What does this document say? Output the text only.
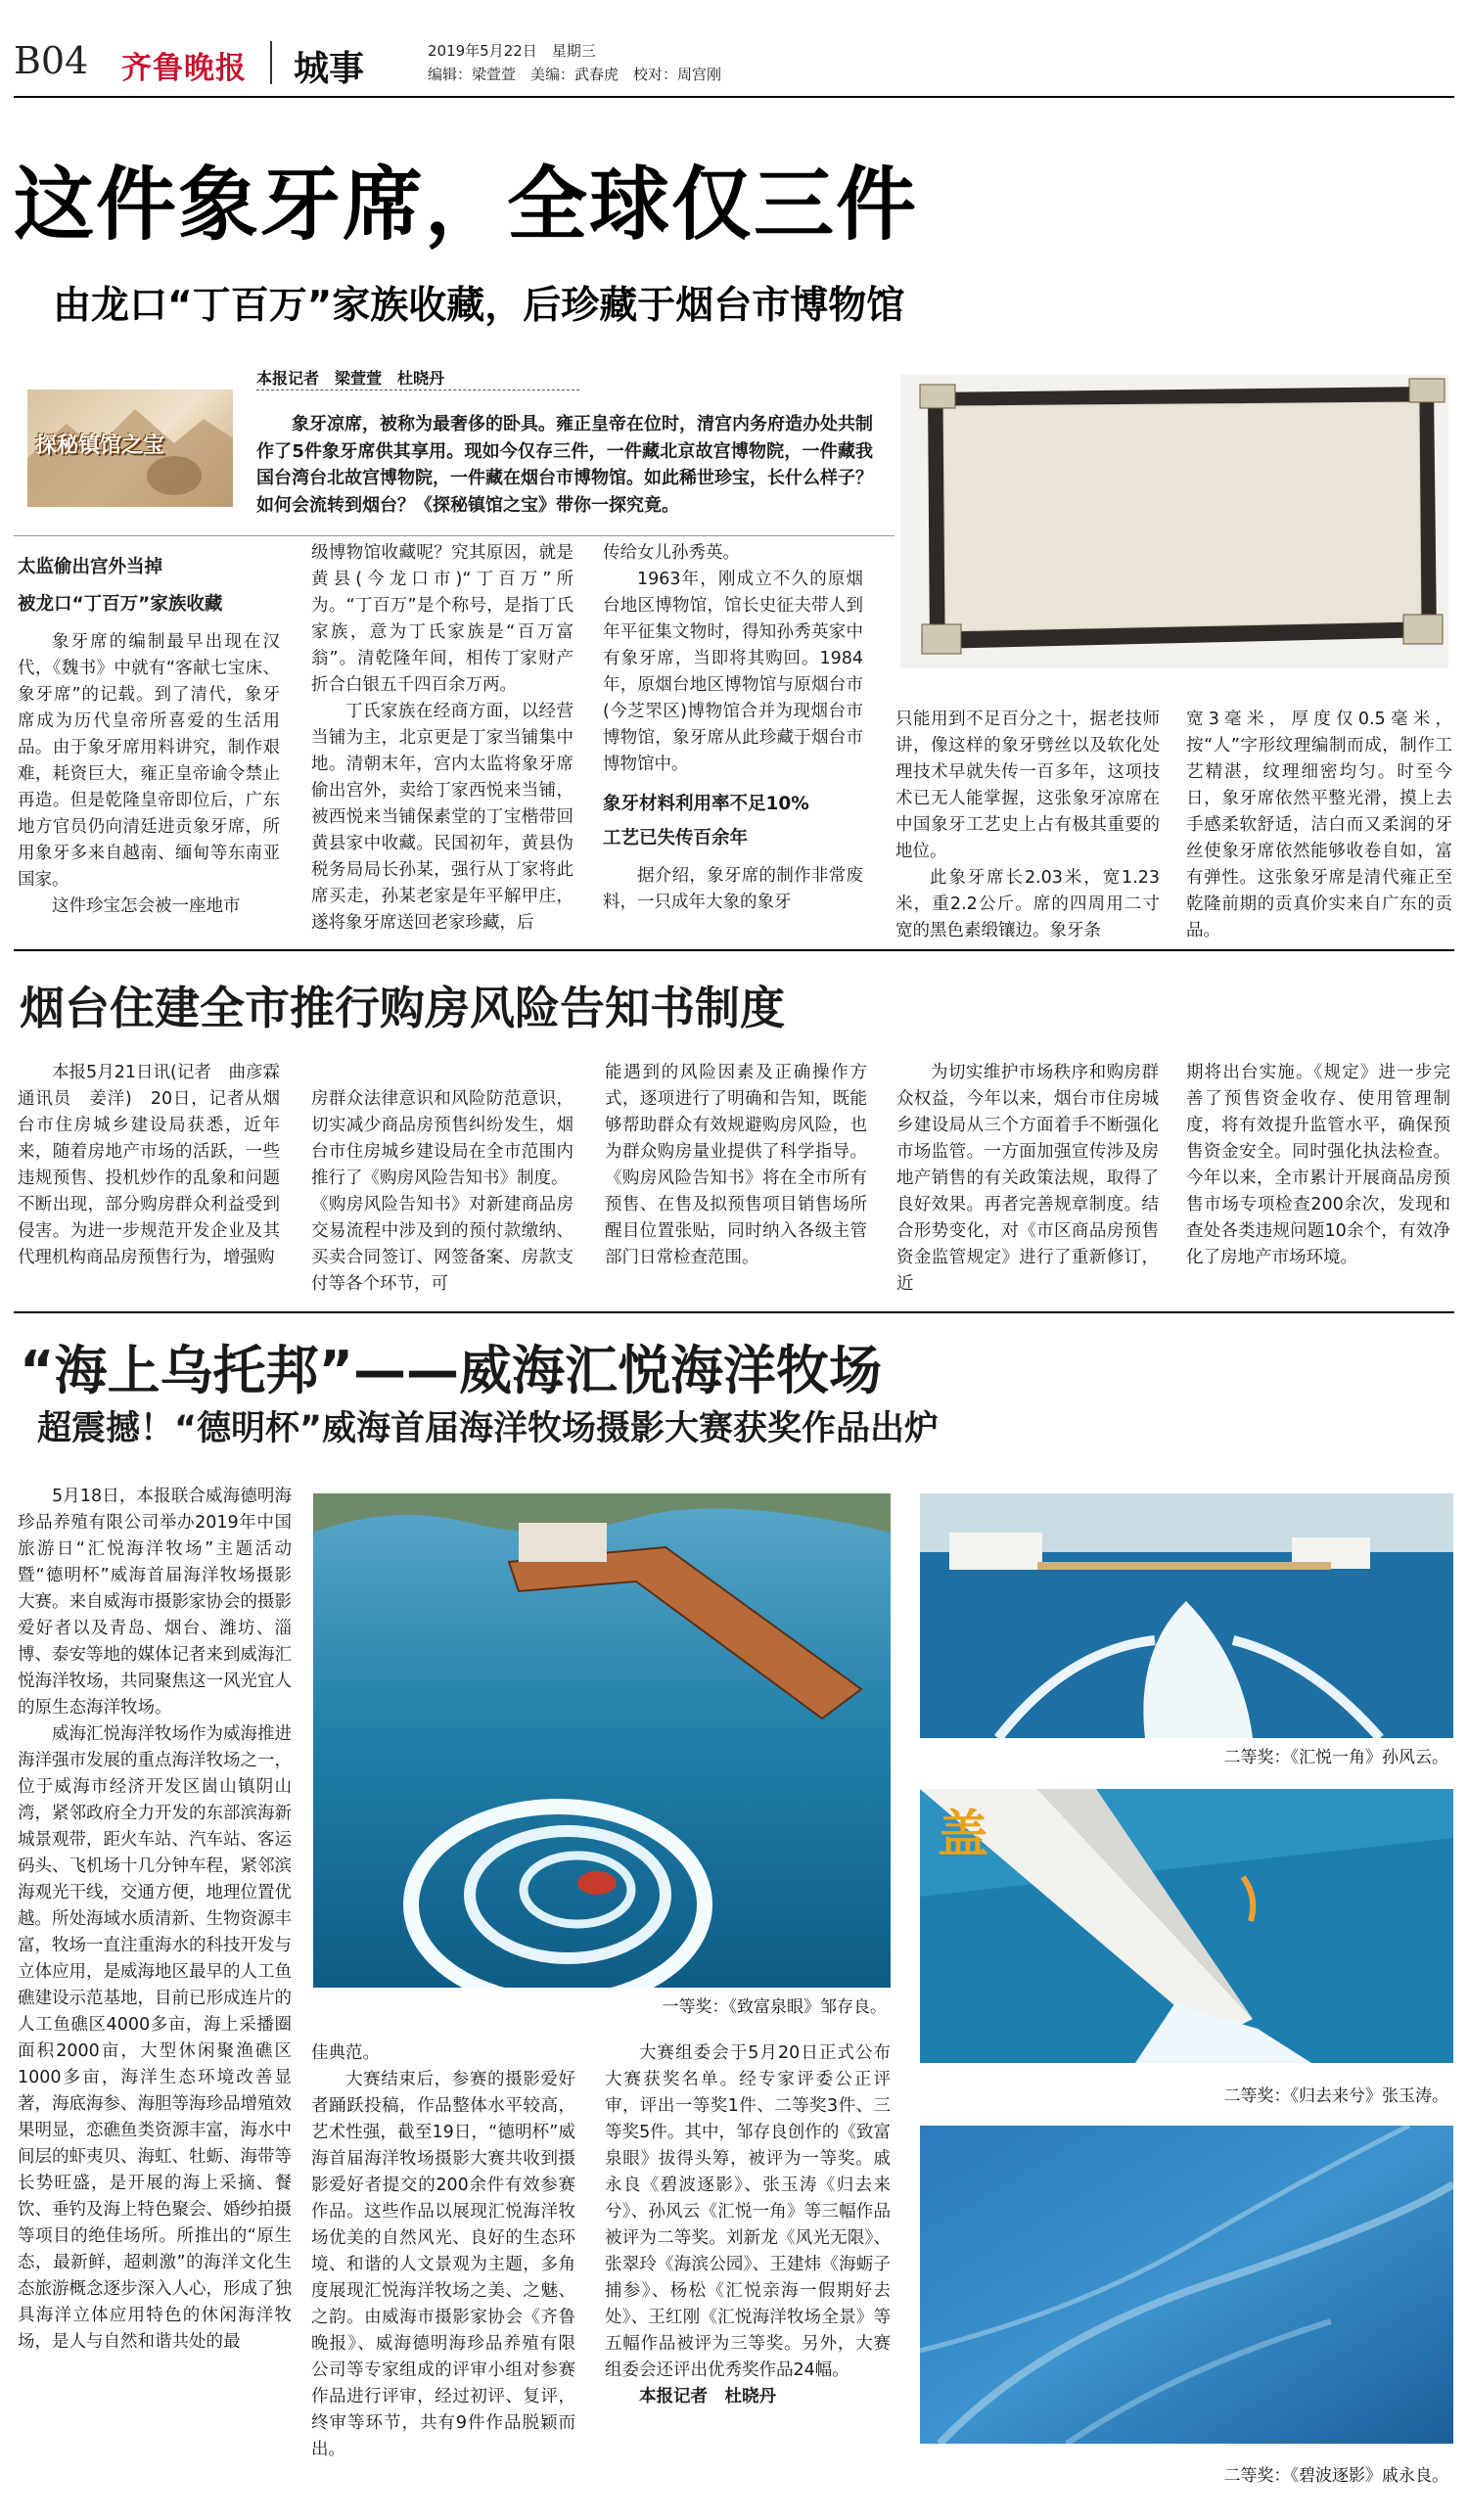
B04 齐鲁晚报 城事	2019年5月22日　星期三
编辑：梁萱萱　美编：武春虎　校对：周宫刚
这件象牙席，全球仅三件
由龙口“丁百万”家族收藏，后珍藏于烟台市博物馆
探秘镇馆之宝
本报记者　梁萱萱　杜晓丹

象牙凉席，被称为最奢侈的卧具。雍正皇帝在位时，清宫内务府造办处共制作了5件象牙席供其享用。现如今仅存三件，一件藏北京故宫博物院，一件藏我国台湾台北故宫博物院，一件藏在烟台市博物馆。如此稀世珍宝，长什么样子？如何会流转到烟台？《探秘镇馆之宝》带你一探究竟。

太监偷出宫外当掉
被龙口“丁百万”家族收藏

象牙席的编制最早出现在汉代，《魏书》中就有“客献七宝床、象牙席”的记载。到了清代，象牙席成为历代皇帝所喜爱的生活用品。由于象牙席用料讲究，制作艰难，耗资巨大，雍正皇帝谕令禁止再造。但是乾隆皇帝即位后，广东地方官员仍向清廷进贡象牙席，所用象牙多来自越南、缅甸等东南亚国家。

这件珍宝怎会被一座地市

级博物馆收藏呢？究其原因，就是黄县(今龙口市)“丁百万”所为。“丁百万”是个称号，是指丁氏家族，意为丁氏家族是“百万富翁”。清乾隆年间，相传丁家财产折合白银五千四百余万两。

丁氏家族在经商方面，以经营当铺为主，北京更是丁家当铺集中地。清朝末年，宫内太监将象牙席偷出宫外，卖给丁家西悦来当铺，被西悦来当铺保素堂的丁宝楷带回黄县家中收藏。民国初年，黄县伪税务局局长孙某，强行从丁家将此席买走，孙某老家是年平解甲庄，遂将象牙席送回老家珍藏，后

传给女儿孙秀英。

1963年，刚成立不久的原烟台地区博物馆，馆长史征夫带人到年平征集文物时，得知孙秀英家中有象牙席，当即将其购回。1984年，原烟台地区博物馆与原烟台市(今芝罘区)博物馆合并为现烟台市博物馆，象牙席从此珍藏于烟台市博物馆中。

象牙材料利用率不足10%
工艺已失传百余年

据介绍，象牙席的制作非常废料，一只成年大象的象牙

只能用到不足百分之十，据老技师讲，像这样的象牙劈丝以及软化处理技术早就失传一百多年，这项技术已无人能掌握，这张象牙凉席在中国象牙工艺史上占有极其重要的地位。

此象牙席长2.03米，宽1.23米，重2.2公斤。席的四周用二寸宽的黑色素缎镶边。象牙条

宽3毫米，厚度仅0.5毫米，按“人”字形纹理编制而成，制作工艺精湛，纹理细密均匀。时至今日，象牙席依然平整光滑，摸上去手感柔软舒适，洁白而又柔润的牙丝使象牙席依然能够收卷自如，富有弹性。这张象牙席是清代雍正至乾隆前期的贡真价实来自广东的贡品。

烟台住建全市推行购房风险告知书制度

本报5月21日讯(记者　曲彦霖　通讯员　姜洋)　20日，记者从烟台市住房城乡建设局获悉，近年来，随着房地产市场的活跃，一些违规预售、投机炒作的乱象和问题不断出现，部分购房群众利益受到侵害。为进一步规范开发企业及其代理机构商品房预售行为，增强购

房群众法律意识和风险防范意识，切实减少商品房预售纠纷发生，烟台市住房城乡建设局在全市范围内推行了《购房风险告知书》制度。
《购房风险告知书》对新建商品房交易流程中涉及到的预付款缴纳、买卖合同签订、网签备案、房款支付等各个环节，可

能遇到的风险因素及正确操作方式，逐项进行了明确和告知，既能够帮助群众有效规避购房风险，也为群众购房量业提供了科学指导。《购房风险告知书》将在全市所有预售、在售及拟预售项目销售场所醒目位置张贴，同时纳入各级主管部门日常检查范围。

为切实维护市场秩序和购房群众权益，今年以来，烟台市住房城乡建设局从三个方面着手不断强化市场监管。一方面加强宣传涉及房地产销售的有关政策法规，取得了良好效果。再者完善规章制度。结合形势变化，对《市区商品房预售资金监管规定》进行了重新修订，近

期将出台实施。《规定》进一步完善了预售资金收存、使用管理制度，将有效提升监管水平，确保预售资金安全。同时强化执法检查。今年以来，全市累计开展商品房预售市场专项检查200余次，发现和查处各类违规问题10余个，有效净化了房地产市场环境。

“海上乌托邦”——威海汇悦海洋牧场
超震撼！“德明杯”威海首届海洋牧场摄影大赛获奖作品出炉
一等奖：《致富泉眼》邹存良。
二等奖：《汇悦一角》孙风云。
盖
二等奖：《归去来兮》张玉涛。
二等奖：《碧波逐影》戚永良。

5月18日，本报联合威海德明海珍品养殖有限公司举办2019年中国旅游日“汇悦海洋牧场”主题活动暨“德明杯”威海首届海洋牧场摄影大赛。来自威海市摄影家协会的摄影爱好者以及青岛、烟台、潍坊、淄博、泰安等地的媒体记者来到威海汇悦海洋牧场，共同聚焦这一风光宜人的原生态海洋牧场。

威海汇悦海洋牧场作为威海推进海洋强市发展的重点海洋牧场之一，位于威海市经济开发区崮山镇阴山湾，紧邻政府全力开发的东部滨海新城景观带，距火车站、汽车站、客运码头、飞机场十几分钟车程，紧邻滨海观光干线，交通方便，地理位置优越。所处海域水质清新、生物资源丰富，牧场一直注重海水的科技开发与立体应用，是威海地区最早的人工鱼礁建设示范基地，目前已形成连片的人工鱼礁区4000多亩，海上采播圈面积2000亩，大型休闲聚渔礁区1000多亩，海洋生态环境改善显著，海底海参、海胆等海珍品增殖效果明显，恋礁鱼类资源丰富，海水中间层的虾夷贝、海虹、牡蛎、海带等长势旺盛，是开展的海上采摘、餐饮、垂钓及海上特色聚会、婚纱拍摄等项目的绝佳场所。所推出的“原生态，最新鲜，超刺激”的海洋文化生态旅游概念逐步深入人心，形成了独具海洋立体应用特色的休闲海洋牧场，是人与自然和谐共处的最

佳典范。

大赛结束后，参赛的摄影爱好者踊跃投稿，作品整体水平较高，艺术性强，截至19日，“德明杯”威海首届海洋牧场摄影大赛共收到摄影爱好者提交的200余件有效参赛作品。这些作品以展现汇悦海洋牧场优美的自然风光、良好的生态环境、和谐的人文景观为主题，多角度展现汇悦海洋牧场之美、之魅、之韵。由威海市摄影家协会《齐鲁晚报》、威海德明海珍品养殖有限公司等专家组成的评审小组对参赛作品进行评审，经过初评、复评，终审等环节，共有9件作品脱颖而出。

大赛组委会于5月20日正式公布大赛获奖名单。经专家评委公正评审，评出一等奖1件、二等奖3件、三等奖5件。其中，邹存良创作的《致富泉眼》拔得头筹，被评为一等奖。戚永良《碧波逐影》、张玉涛《归去来兮》、孙风云《汇悦一角》等三幅作品被评为二等奖。刘新龙《风光无限》、张翠玲《海滨公园》、王建炜《海蛎子捕参》、杨松《汇悦亲海一假期好去处》、王红刚《汇悦海洋牧场全景》等五幅作品被评为三等奖。另外，大赛组委会还评出优秀奖作品24幅。

本报记者　杜晓丹
